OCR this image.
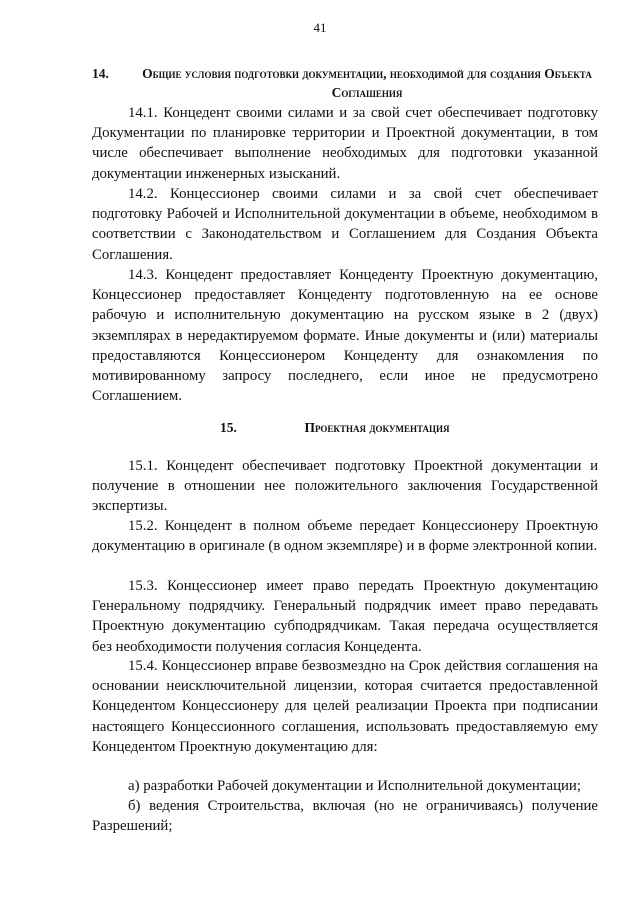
41
14.	Общие условия подготовки документации, необходимой для создания Объекта Соглашения

14.1. Концедент своими силами и за свой счет обеспечивает подготовку Документации по планировке территории и Проектной документации, в том числе обеспечивает выполнение необходимых для подготовки указанной документации инженерных изысканий.

14.2. Концессионер своими силами и за свой счет обеспечивает подготовку Рабочей и Исполнительной документации в объеме, необходимом в соответствии с Законодательством и Соглашением для Создания Объекта Соглашения.

14.3. Концедент предоставляет Концеденту Проектную документацию, Концессионер предоставляет Концеденту подготовленную на ее основе рабочую и исполнительную документацию на русском языке в 2 (двух) экземплярах в нередактируемом формате. Иные документы и (или) материалы предоставляются Концессионером Концеденту для ознакомления по мотивированному запросу последнего, если иное не предусмотрено Соглашением.

15.	Проектная документация

15.1. Концедент обеспечивает подготовку Проектной документации и получение в отношении нее положительного заключения Государственной экспертизы.

15.2. Концедент в полном объеме передает Концессионеру Проектную документацию в оригинале (в одном экземпляре) и в форме электронной копии.

15.3. Концессионер имеет право передать Проектную документацию Генеральному подрядчику. Генеральный подрядчик имеет право передавать Проектную документацию субподрядчикам. Такая передача осуществляется без необходимости получения согласия Концедента.

15.4. Концессионер вправе безвозмездно на Срок действия соглашения на основании неисключительной лицензии, которая считается предоставленной Концедентом Концессионеру для целей реализации Проекта при подписании настоящего Концессионного соглашения, использовать предоставляемую ему Концедентом Проектную документацию для:

а) разработки Рабочей документации и Исполнительной документации;

б) ведения Строительства, включая (но не ограничиваясь) получение Разрешений;
